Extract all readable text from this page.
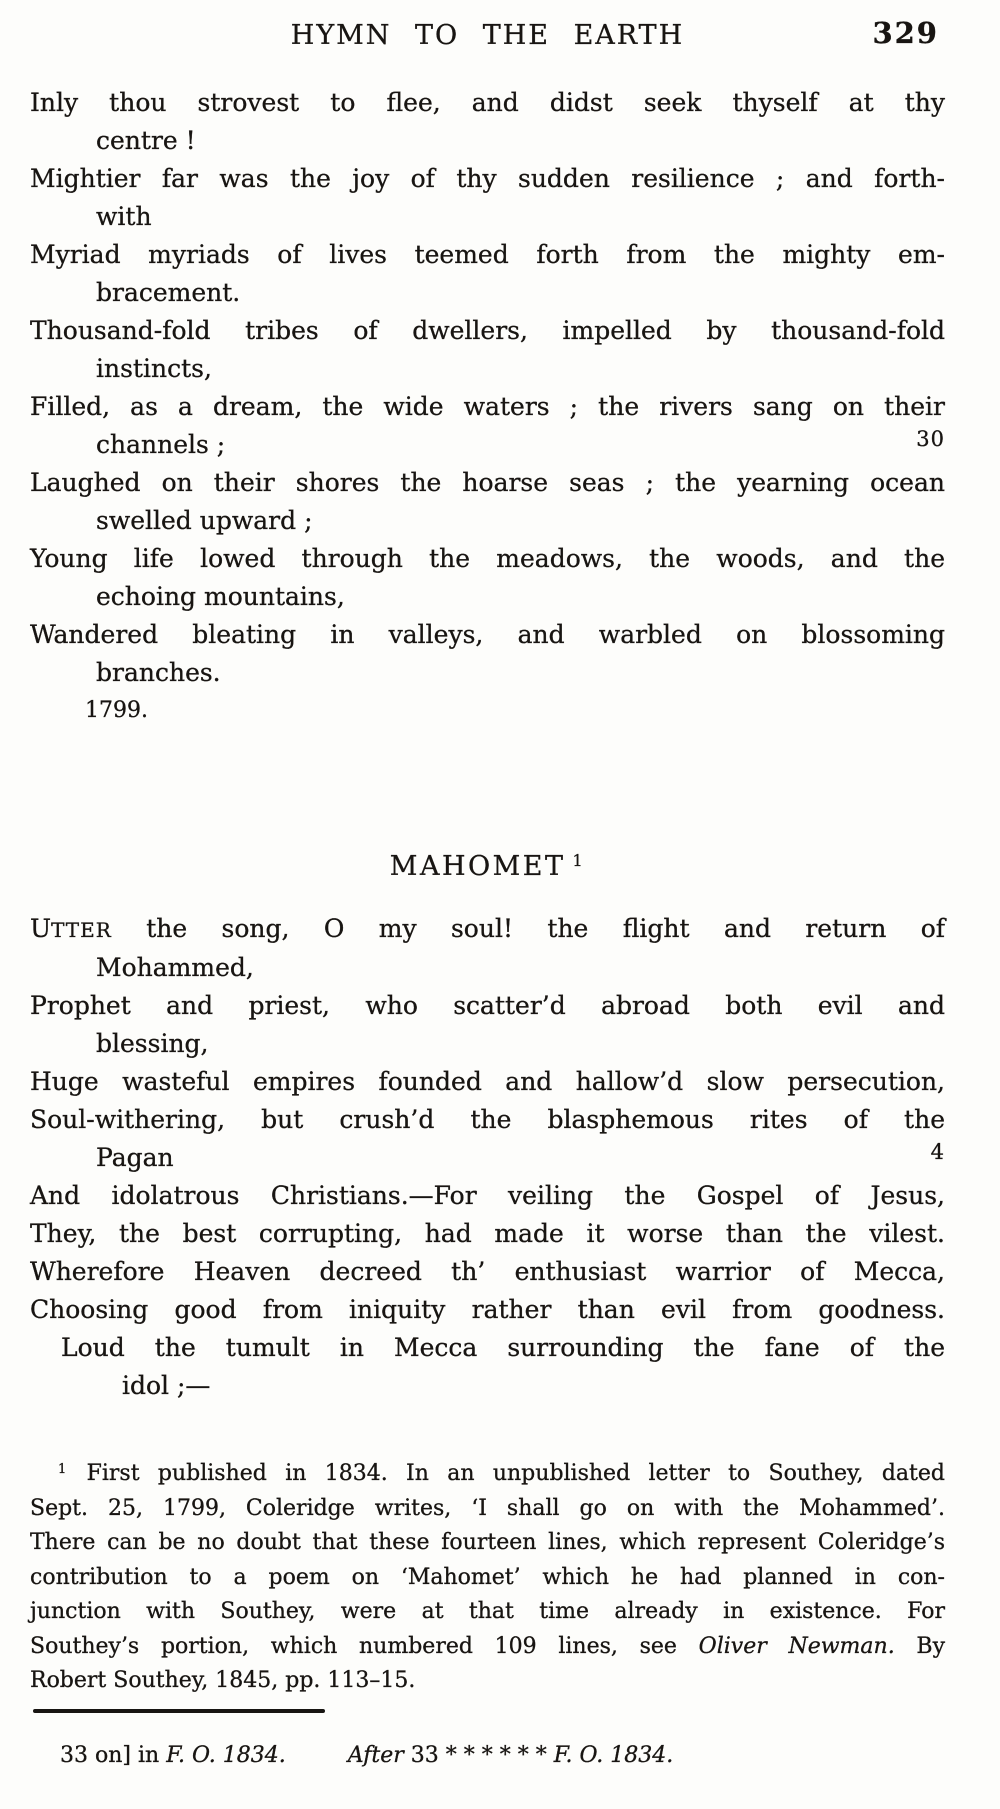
HYMN TO THE EARTH	329
Inly thou strovest to flee, and didst seek thyself at thy
centre !
Mightier far was the joy of thy sudden resilience ; and forth-
with
Myriad myriads of lives teemed forth from the mighty em-
bracement.
Thousand-fold tribes of dwellers, impelled by thousand-fold
instincts,
Filled, as a dream, the wide waters ; the rivers sang on their
channels ;	30
Laughed on their shores the hoarse seas ; the yearning ocean
swelled upward ;
Young life lowed through the meadows, the woods, and the
echoing mountains,
Wandered bleating in valleys, and warbled on blossoming
branches.
1799.
MAHOMET $^1$
UTTER the song, O my soul! the flight and return of
Mohammed,
Prophet and priest, who scatter’d abroad both evil and
blessing,
Huge wasteful empires founded and hallow’d slow persecution,
Soul-withering, but crush’d the blasphemous rites of the
Pagan	4
And idolatrous Christians.—For veiling the Gospel of Jesus,
They, the best corrupting, had made it worse than the vilest.
Wherefore Heaven decreed th’ enthusiast warrior of Mecca,
Choosing good from iniquity rather than evil from goodness.
Loud the tumult in Mecca surrounding the fane of the
idol ;—
$^1$ First published in 1834. In an unpublished letter to Southey, dated
Sept. 25, 1799, Coleridge writes, ‘I shall go on with the Mohammed’.
There can be no doubt that these fourteen lines, which represent Coleridge’s
contribution to a poem on ‘Mahomet’ which he had planned in con-
junction with Southey, were at that time already in existence. For
Southey’s portion, which numbered 109 lines, see Oliver Newman. By
Robert Southey, 1845, pp. 113–15.
33 on] in F. O. 1834.	After 33 * * * * * * F. O. 1834.
